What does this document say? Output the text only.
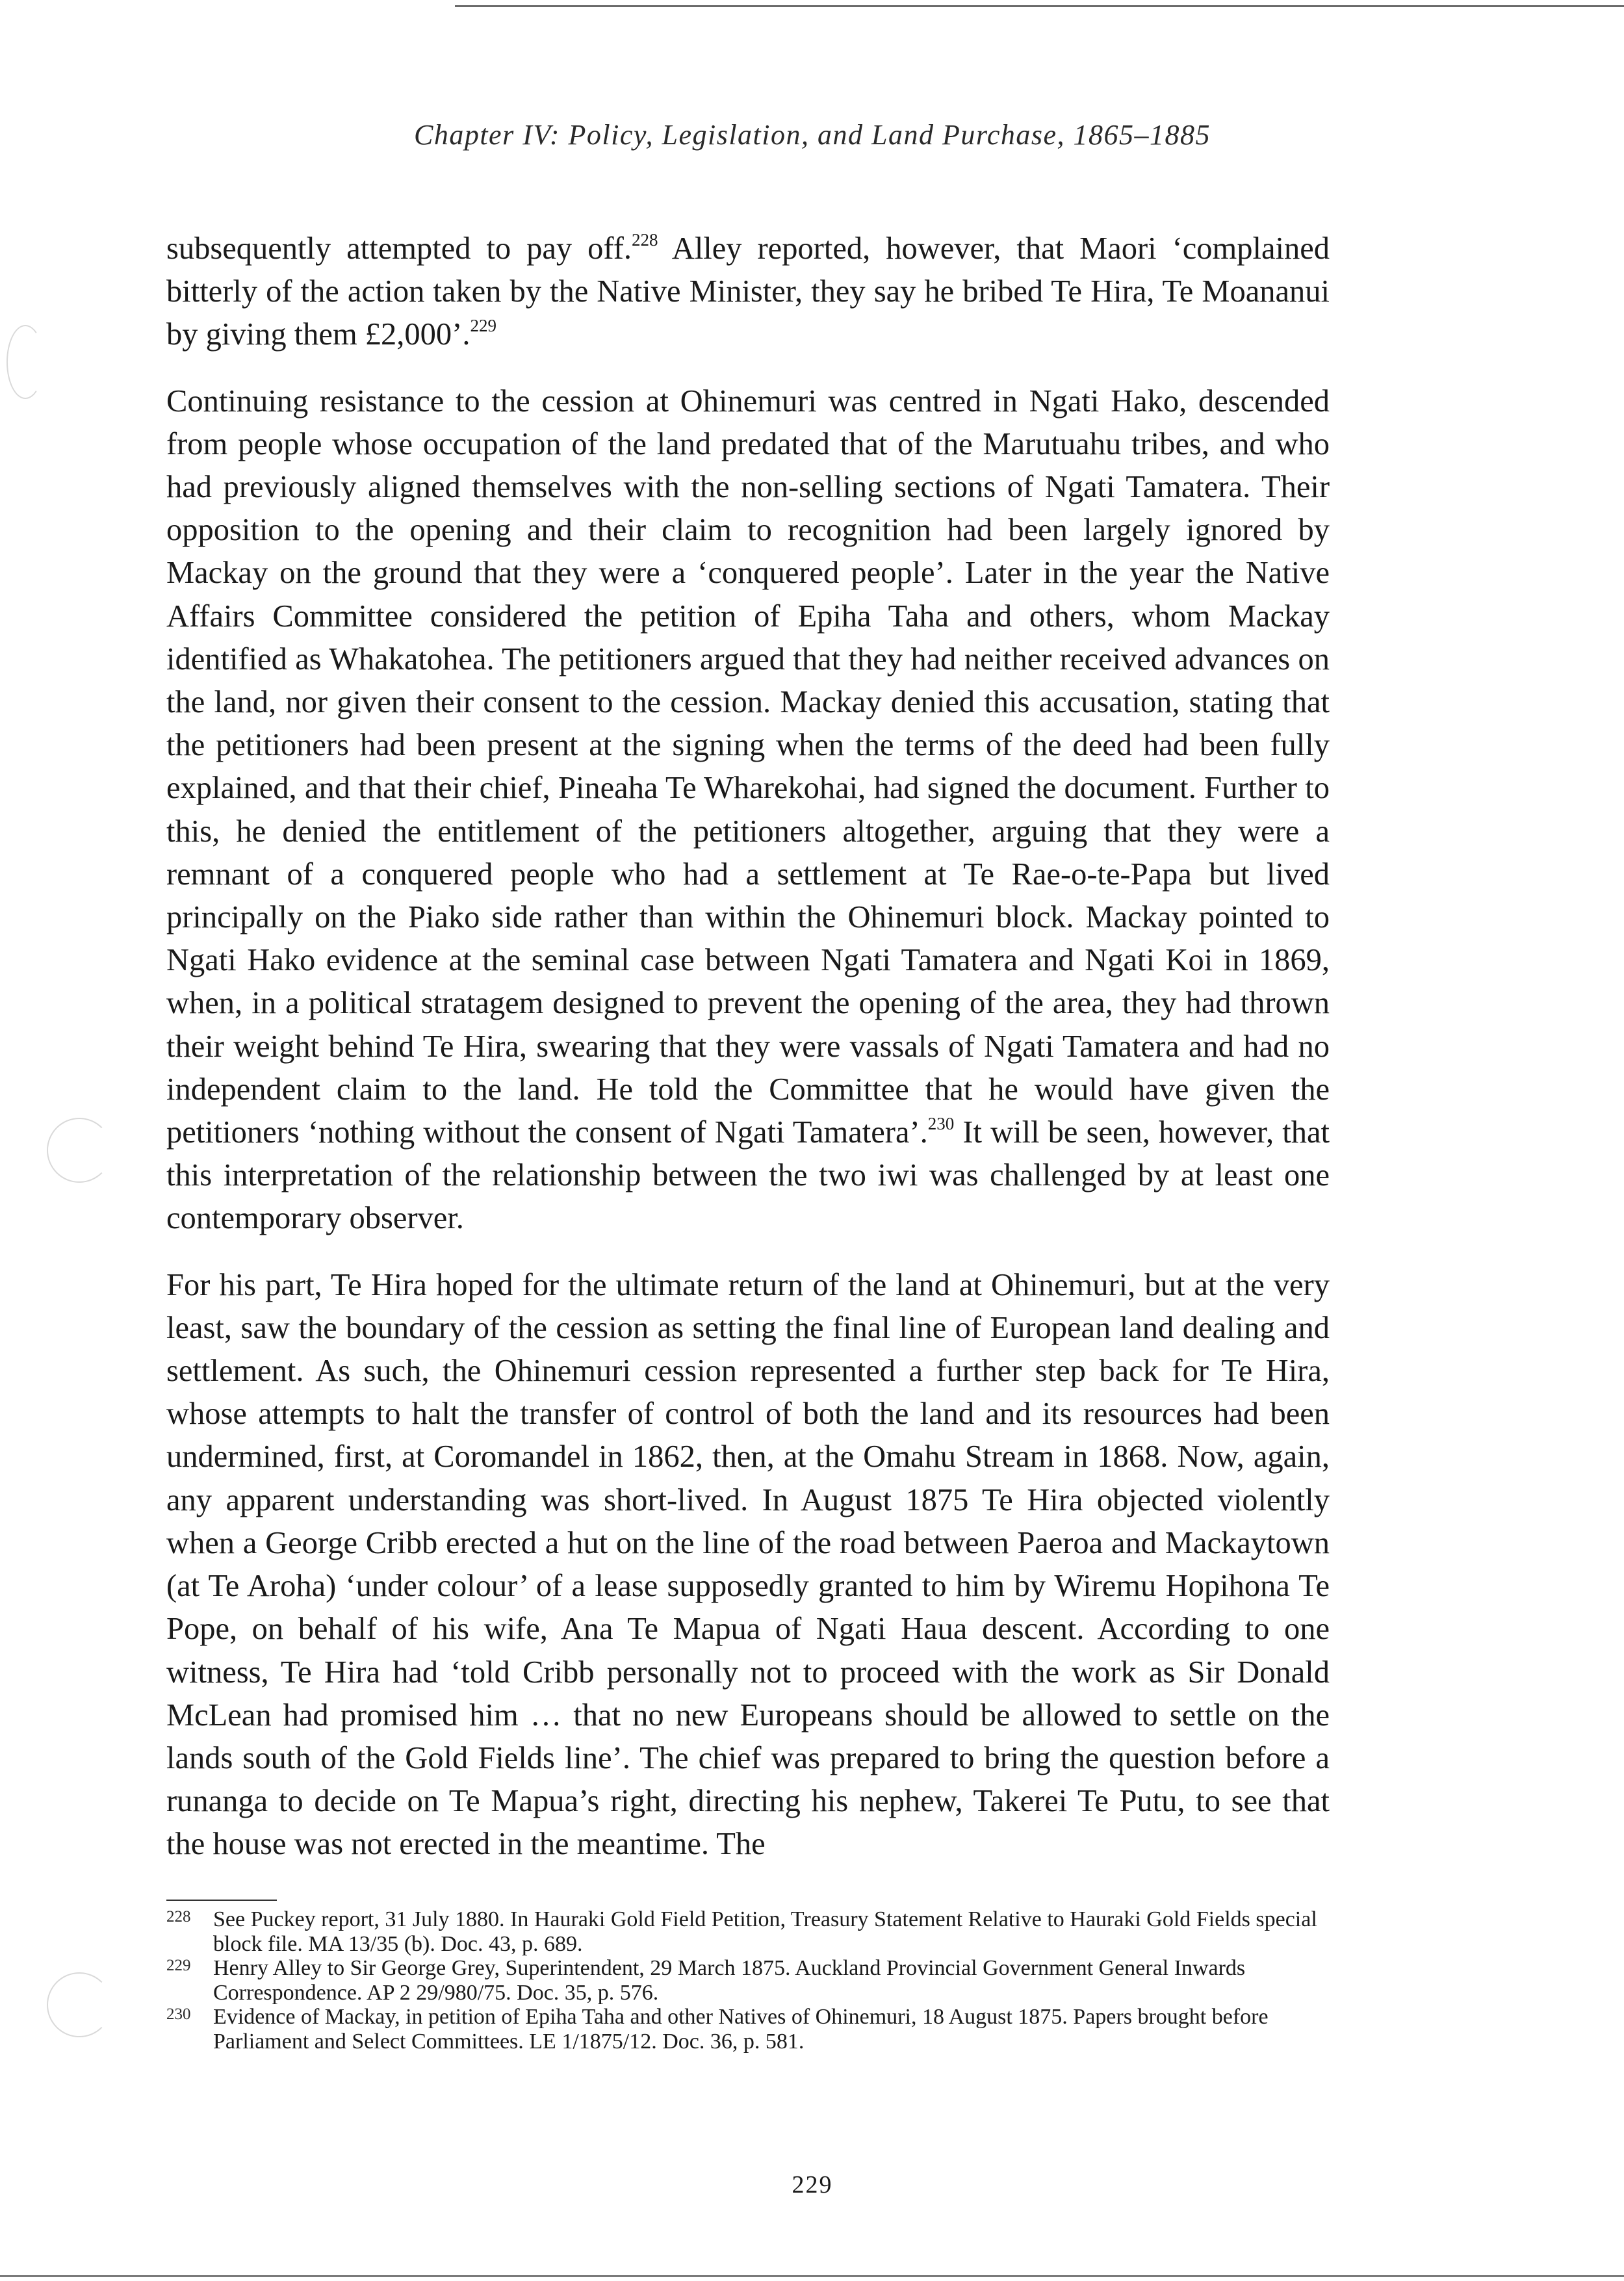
Chapter IV: Policy, Legislation, and Land Purchase, 1865–1885

subsequently attempted to pay off.$^{228}$ Alley reported, however, that Maori ‘complained bitterly of the action taken by the Native Minister, they say he bribed Te Hira, Te Moananui by giving them £2,000’.$^{229}$

Continuing resistance to the cession at Ohinemuri was centred in Ngati Hako, descended from people whose occupation of the land predated that of the Marutuahu tribes, and who had previously aligned themselves with the non-selling sections of Ngati Tamatera. Their opposition to the opening and their claim to recognition had been largely ignored by Mackay on the ground that they were a ‘conquered people’. Later in the year the Native Affairs Committee considered the petition of Epiha Taha and others, whom Mackay identified as Whakatohea. The petitioners argued that they had neither received advances on the land, nor given their consent to the cession. Mackay denied this accusation, stating that the petitioners had been present at the signing when the terms of the deed had been fully explained, and that their chief, Pineaha Te Wharekohai, had signed the document. Further to this, he denied the entitlement of the petitioners altogether, arguing that they were a remnant of a conquered people who had a settlement at Te Rae-o-te-Papa but lived principally on the Piako side rather than within the Ohinemuri block. Mackay pointed to Ngati Hako evidence at the seminal case between Ngati Tamatera and Ngati Koi in 1869, when, in a political stratagem designed to prevent the opening of the area, they had thrown their weight behind Te Hira, swearing that they were vassals of Ngati Tamatera and had no independent claim to the land. He told the Committee that he would have given the petitioners ‘nothing without the consent of Ngati Tamatera’.$^{230}$ It will be seen, however, that this interpretation of the relationship between the two iwi was challenged by at least one contemporary observer.

For his part, Te Hira hoped for the ultimate return of the land at Ohinemuri, but at the very least, saw the boundary of the cession as setting the final line of European land dealing and settlement. As such, the Ohinemuri cession represented a further step back for Te Hira, whose attempts to halt the transfer of control of both the land and its resources had been undermined, first, at Coromandel in 1862, then, at the Omahu Stream in 1868. Now, again, any apparent understanding was short-lived. In August 1875 Te Hira objected violently when a George Cribb erected a hut on the line of the road between Paeroa and Mackaytown (at Te Aroha) ‘under colour’ of a lease supposedly granted to him by Wiremu Hopihona Te Pope, on behalf of his wife, Ana Te Mapua of Ngati Haua descent. According to one witness, Te Hira had ‘told Cribb personally not to proceed with the work as Sir Donald McLean had promised him … that no new Europeans should be allowed to settle on the lands south of the Gold Fields line’. The chief was prepared to bring the question before a runanga to decide on Te Mapua’s right, directing his nephew, Takerei Te Putu, to see that the house was not erected in the meantime. The

228	See Puckey report, 31 July 1880. In Hauraki Gold Field Petition, Treasury Statement Relative to Hauraki Gold Fields special block file. MA 13/35 (b). Doc. 43, p. 689.
229	Henry Alley to Sir George Grey, Superintendent, 29 March 1875. Auckland Provincial Government General Inwards Correspondence. AP 2 29/980/75. Doc. 35, p. 576.
230	Evidence of Mackay, in petition of Epiha Taha and other Natives of Ohinemuri, 18 August 1875. Papers brought before Parliament and Select Committees. LE 1/1875/12. Doc. 36, p. 581.
229
